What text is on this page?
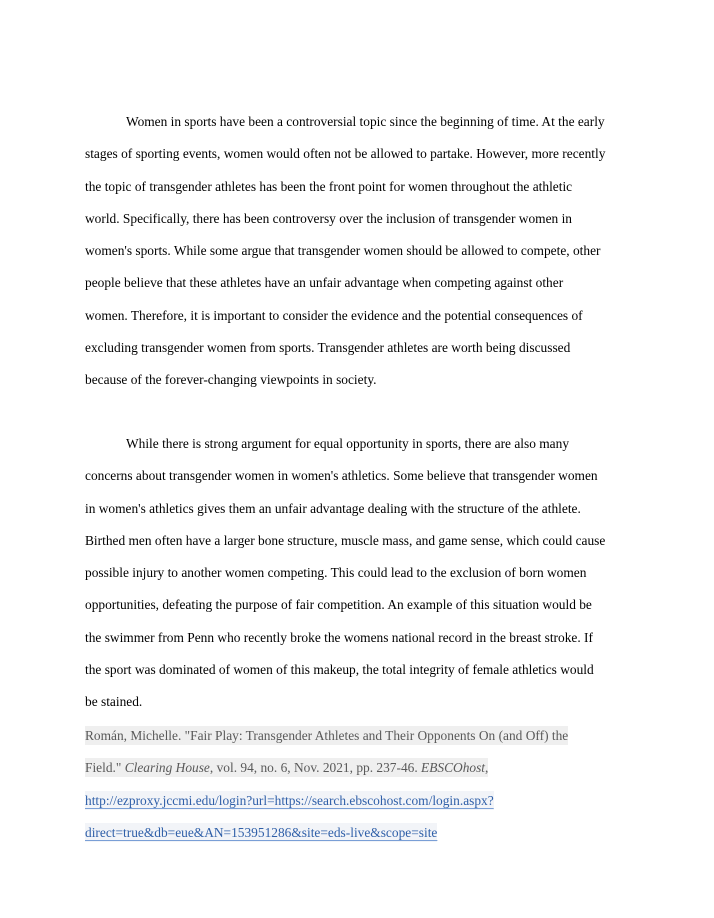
Women in sports have been a controversial topic since the beginning of time. At the early
stages of sporting events, women would often not be allowed to partake. However, more recently
the topic of transgender athletes has been the front point for women throughout the athletic
world. Specifically, there has been controversy over the inclusion of transgender women in
women's sports. While some argue that transgender women should be allowed to compete, other
people believe that these athletes have an unfair advantage when competing against other
women. Therefore, it is important to consider the evidence and the potential consequences of
excluding transgender women from sports. Transgender athletes are worth being discussed
because of the forever-changing viewpoints in society.
While there is strong argument for equal opportunity in sports, there are also many
concerns about transgender women in women's athletics. Some believe that transgender women
in women's athletics gives them an unfair advantage dealing with the structure of the athlete.
Birthed men often have a larger bone structure, muscle mass, and game sense, which could cause
possible injury to another women competing. This could lead to the exclusion of born women
opportunities, defeating the purpose of fair competition. An example of this situation would be
the swimmer from Penn who recently broke the womens national record in the breast stroke. If
the sport was dominated of women of this makeup, the total integrity of female athletics would
be stained.
Román, Michelle. "Fair Play: Transgender Athletes and Their Opponents On (and Off) the
Field." Clearing House, vol. 94, no. 6, Nov. 2021, pp. 237-46. EBSCOhost,
http://ezproxy.jccmi.edu/login?url=https://search.ebscohost.com/login.aspx?
direct=true&db=eue&AN=153951286&site=eds-live&scope=site
